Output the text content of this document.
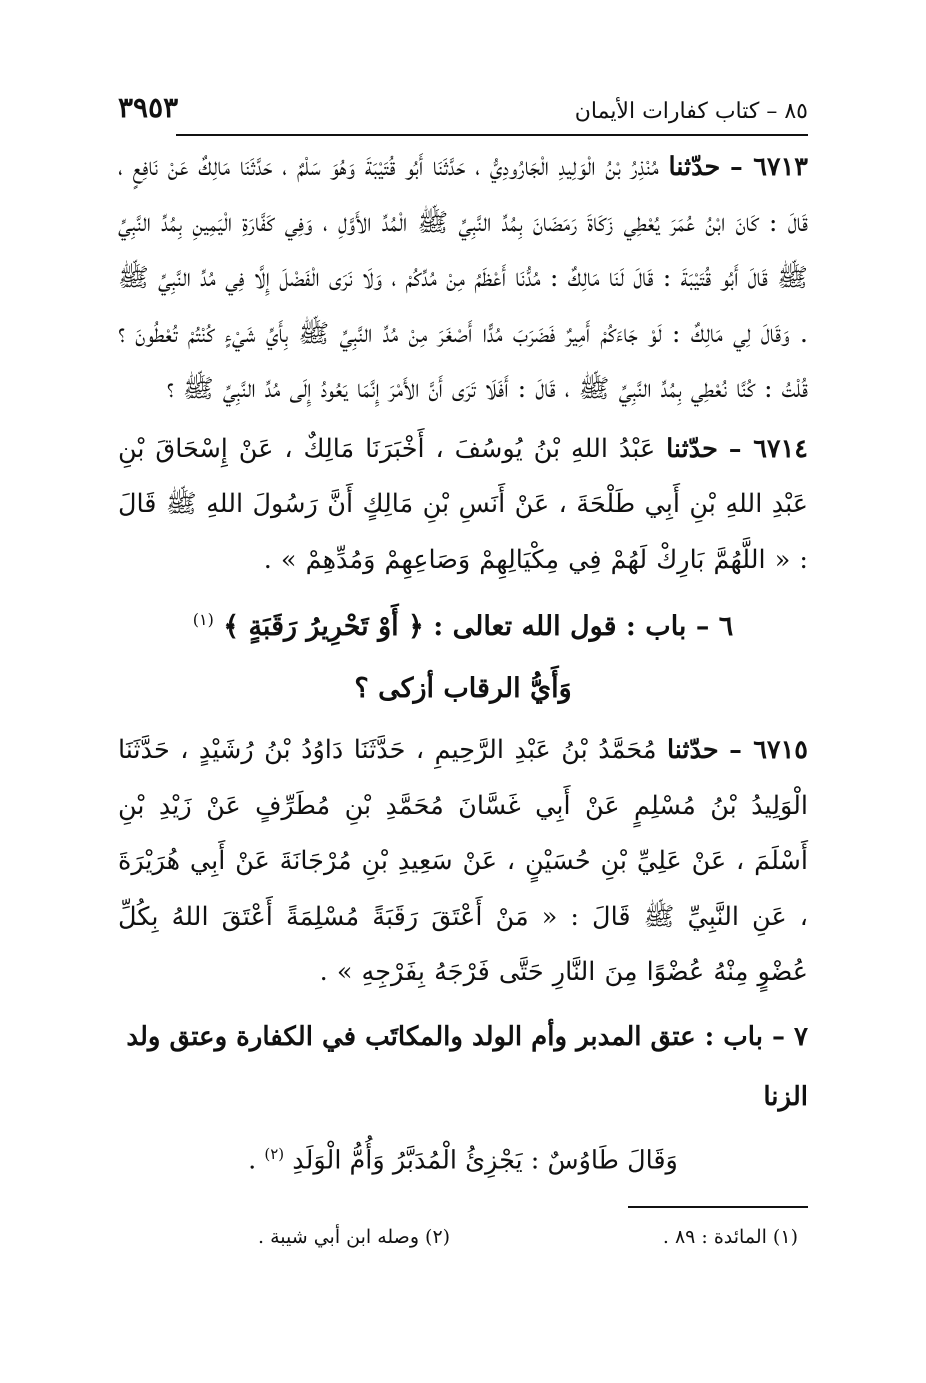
٨٥ – كتاب كفارات الأيمان
٣٩٥٣

٦٧١٣ – حدّثنا مُنْذِرُ بْنُ الْوَلِيدِ الْجَارُودِيُّ ، حَدَّثَنَا أَبُو قُتَيْبَةَ وَهُوَ سَلْمٌ ، حَدَّثَنَا مَالِكٌ عَنْ نَافِعٍ ، قَالَ : كَانَ ابْنُ عُمَرَ يُعْطِي زَكَاةَ رَمَضَانَ بِمُدِّ النَّبِيِّ ﷺ الْمُدِّ الأَوَّلِ ، وَفِي كَفَّارَةِ الْيَمِينِ بِمُدِّ النَّبِيِّ ﷺ قَالَ أَبُو قُتَيْبَةَ : قَالَ لَنَا مَالِكٌ : مُدُّنَا أَعْظَمُ مِنْ مُدِّكُمْ ، وَلَا نَرَى الْفَضْلَ إِلَّا فِي مُدِّ النَّبِيِّ ﷺ . وَقَالَ لِي مَالِكٌ : لَوْ جَاءَكُمْ أَمِيرٌ فَضَرَبَ مُدًّا أَصْغَرَ مِنْ مُدِّ النَّبِيِّ ﷺ بِأَيِّ شَيْءٍ كُنْتُمْ تُعْطُونَ ؟ قُلْتُ : كُنَّا نُعْطِي بِمُدِّ النَّبِيِّ ﷺ ، قَالَ : أَفَلَا تَرَى أَنَّ الأَمْرَ إِنَّمَا يَعُودُ إِلَى مُدِّ النَّبِيِّ ﷺ ؟

٦٧١٤ – حدّثنا عَبْدُ اللهِ بْنُ يُوسُفَ ، أَخْبَرَنَا مَالِكٌ ، عَنْ إِسْحَاقَ بْنِ عَبْدِ اللهِ بْنِ أَبِي طَلْحَةَ ، عَنْ أَنَسِ بْنِ مَالِكٍ أَنَّ رَسُولَ اللهِ ﷺ قَالَ : « اللَّهُمَّ بَارِكْ لَهُمْ فِي مِكْيَالِهِمْ وَصَاعِهِمْ وَمُدِّهِمْ » .

٦ – باب : قول الله تعالى : ﴿ أَوْ تَحْرِيرُ رَقَبَةٍ ﴾ $^{(١)}$

وَأَيُّ الرقاب أزكى ؟

٦٧١٥ – حدّثنا مُحَمَّدُ بْنُ عَبْدِ الرَّحِيمِ ، حَدَّثَنَا دَاوُدُ بْنُ رُشَيْدٍ ، حَدَّثَنَا الْوَلِيدُ بْنُ مُسْلِمٍ عَنْ أَبِي غَسَّانَ مُحَمَّدِ بْنِ مُطَرِّفٍ عَنْ زَيْدِ بْنِ أَسْلَمَ ، عَنْ عَلِيِّ بْنِ حُسَيْنٍ ، عَنْ سَعِيدِ بْنِ مُرْجَانَةَ عَنْ أَبِي هُرَيْرَةَ ، عَنِ النَّبِيِّ ﷺ قَالَ : « مَنْ أَعْتَقَ رَقَبَةً مُسْلِمَةً أَعْتَقَ اللهُ بِكُلِّ عُضْوٍ مِنْهُ عُضْوًا مِنَ النَّارِ حَتَّى فَرْجَهُ بِفَرْجِهِ » .

٧ – باب : عتق المدبر وأم الولد والمكاتَب في الكفارة وعتق ولد الزنا

وَقَالَ طَاوُسٌ : يَجْزِئُ الْمُدَبَّرُ وَأُمُّ الْوَلَدِ $^{(٢)}$ .

(١) المائدة : ٨٩ .
(٢) وصله ابن أبي شيبة .
